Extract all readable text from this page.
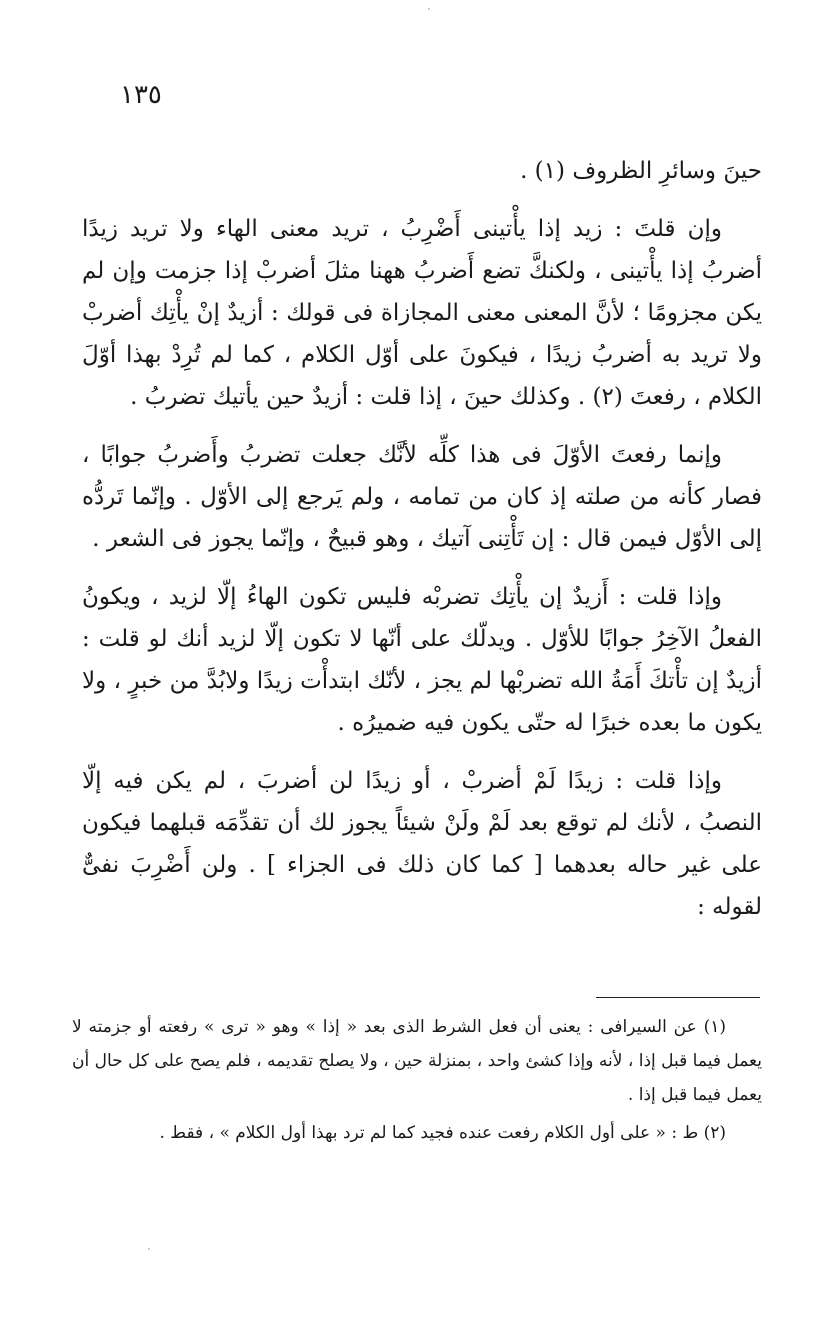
١٣٥

حينَ وسائرِ الظروف (١) .

وإن قلتَ : زيد إذا يأْتينى أَضْرِبُ ، تريد معنى الهاء ولا تريد زيدًا أضربُ إذا يأْتينى ، ولكنكَّ تضع أَضربُ ههنا مثلَ أضربْ إذا جزمت وإن لم يكن مجزومًا ؛ لأنَّ المعنى معنى المجازاة فى قولك : أزيدٌ إنْ يأْتِك أضربْ ولا تريد به أضربُ زيدًا ، فيكونَ على أوّل الكلام ، كما لم تُرِدْ بهذا أوّلَ الكلام ، رفعتَ (٢) . وكذلك حينَ ، إذا قلت : أزيدٌ حين يأتيك تضربُ .

وإنما رفعتَ الأوّلَ فى هذا كلِّه لأنَّك جعلت تضربُ وأَضربُ جوابًا ، فصار كأنه من صلته إذ كان من تمامه ، ولم يَرجع إلى الأوّل . وإنّما تَردُّه إلى الأوّل فيمن قال : إن تَأْتِنى آتيك ، وهو قبيحٌ ، وإنّما يجوز فى الشعر .

وإذا قلت : أَزيدٌ إن يأْتِك تضربْه فليس تكون الهاءُ إلّا لزيد ، ويكونُ الفعلُ الآخِرُ جوابًا للأوّل . ويدلّك على أنّها لا تكون إلّا لزيد أنك لو قلت : أزيدٌ إن تأْتكَ أَمَةُ الله تضربْها لم يجز ، لأنّك ابتدأْت زيدًا ولابُدَّ من خبرٍ ، ولا يكون ما بعده خبرًا له حتّى يكون فيه ضميرُه .

وإذا قلت : زيدًا لَمْ أضربْ ، أو زيدًا لن أضربَ ، لم يكن فيه إلّا النصبُ ، لأنك لم توقع بعد لَمْ ولَنْ شيئاً يجوز لك أن تقدِّمَه قبلهما فيكون على غير حاله بعدهما [ كما كان ذلك فى الجزاء ] . ولن أَضْرِبَ نفىٌّ لقوله :

(١) عن السيرافى : يعنى أن فعل الشرط الذى بعد « إذا » وهو « ترى » رفعته أو جزمته لا يعمل فيما قبل إذا ، لأنه وإذا كشئ واحد ، بمنزلة حين ، ولا يصلح تقديمه ، فلم يصح على كل حال أن يعمل فيما قبل إذا .

(٢) ط : « على أول الكلام رفعت عنده فجيد كما لم ترد بهذا أول الكلام » ، فقط .
